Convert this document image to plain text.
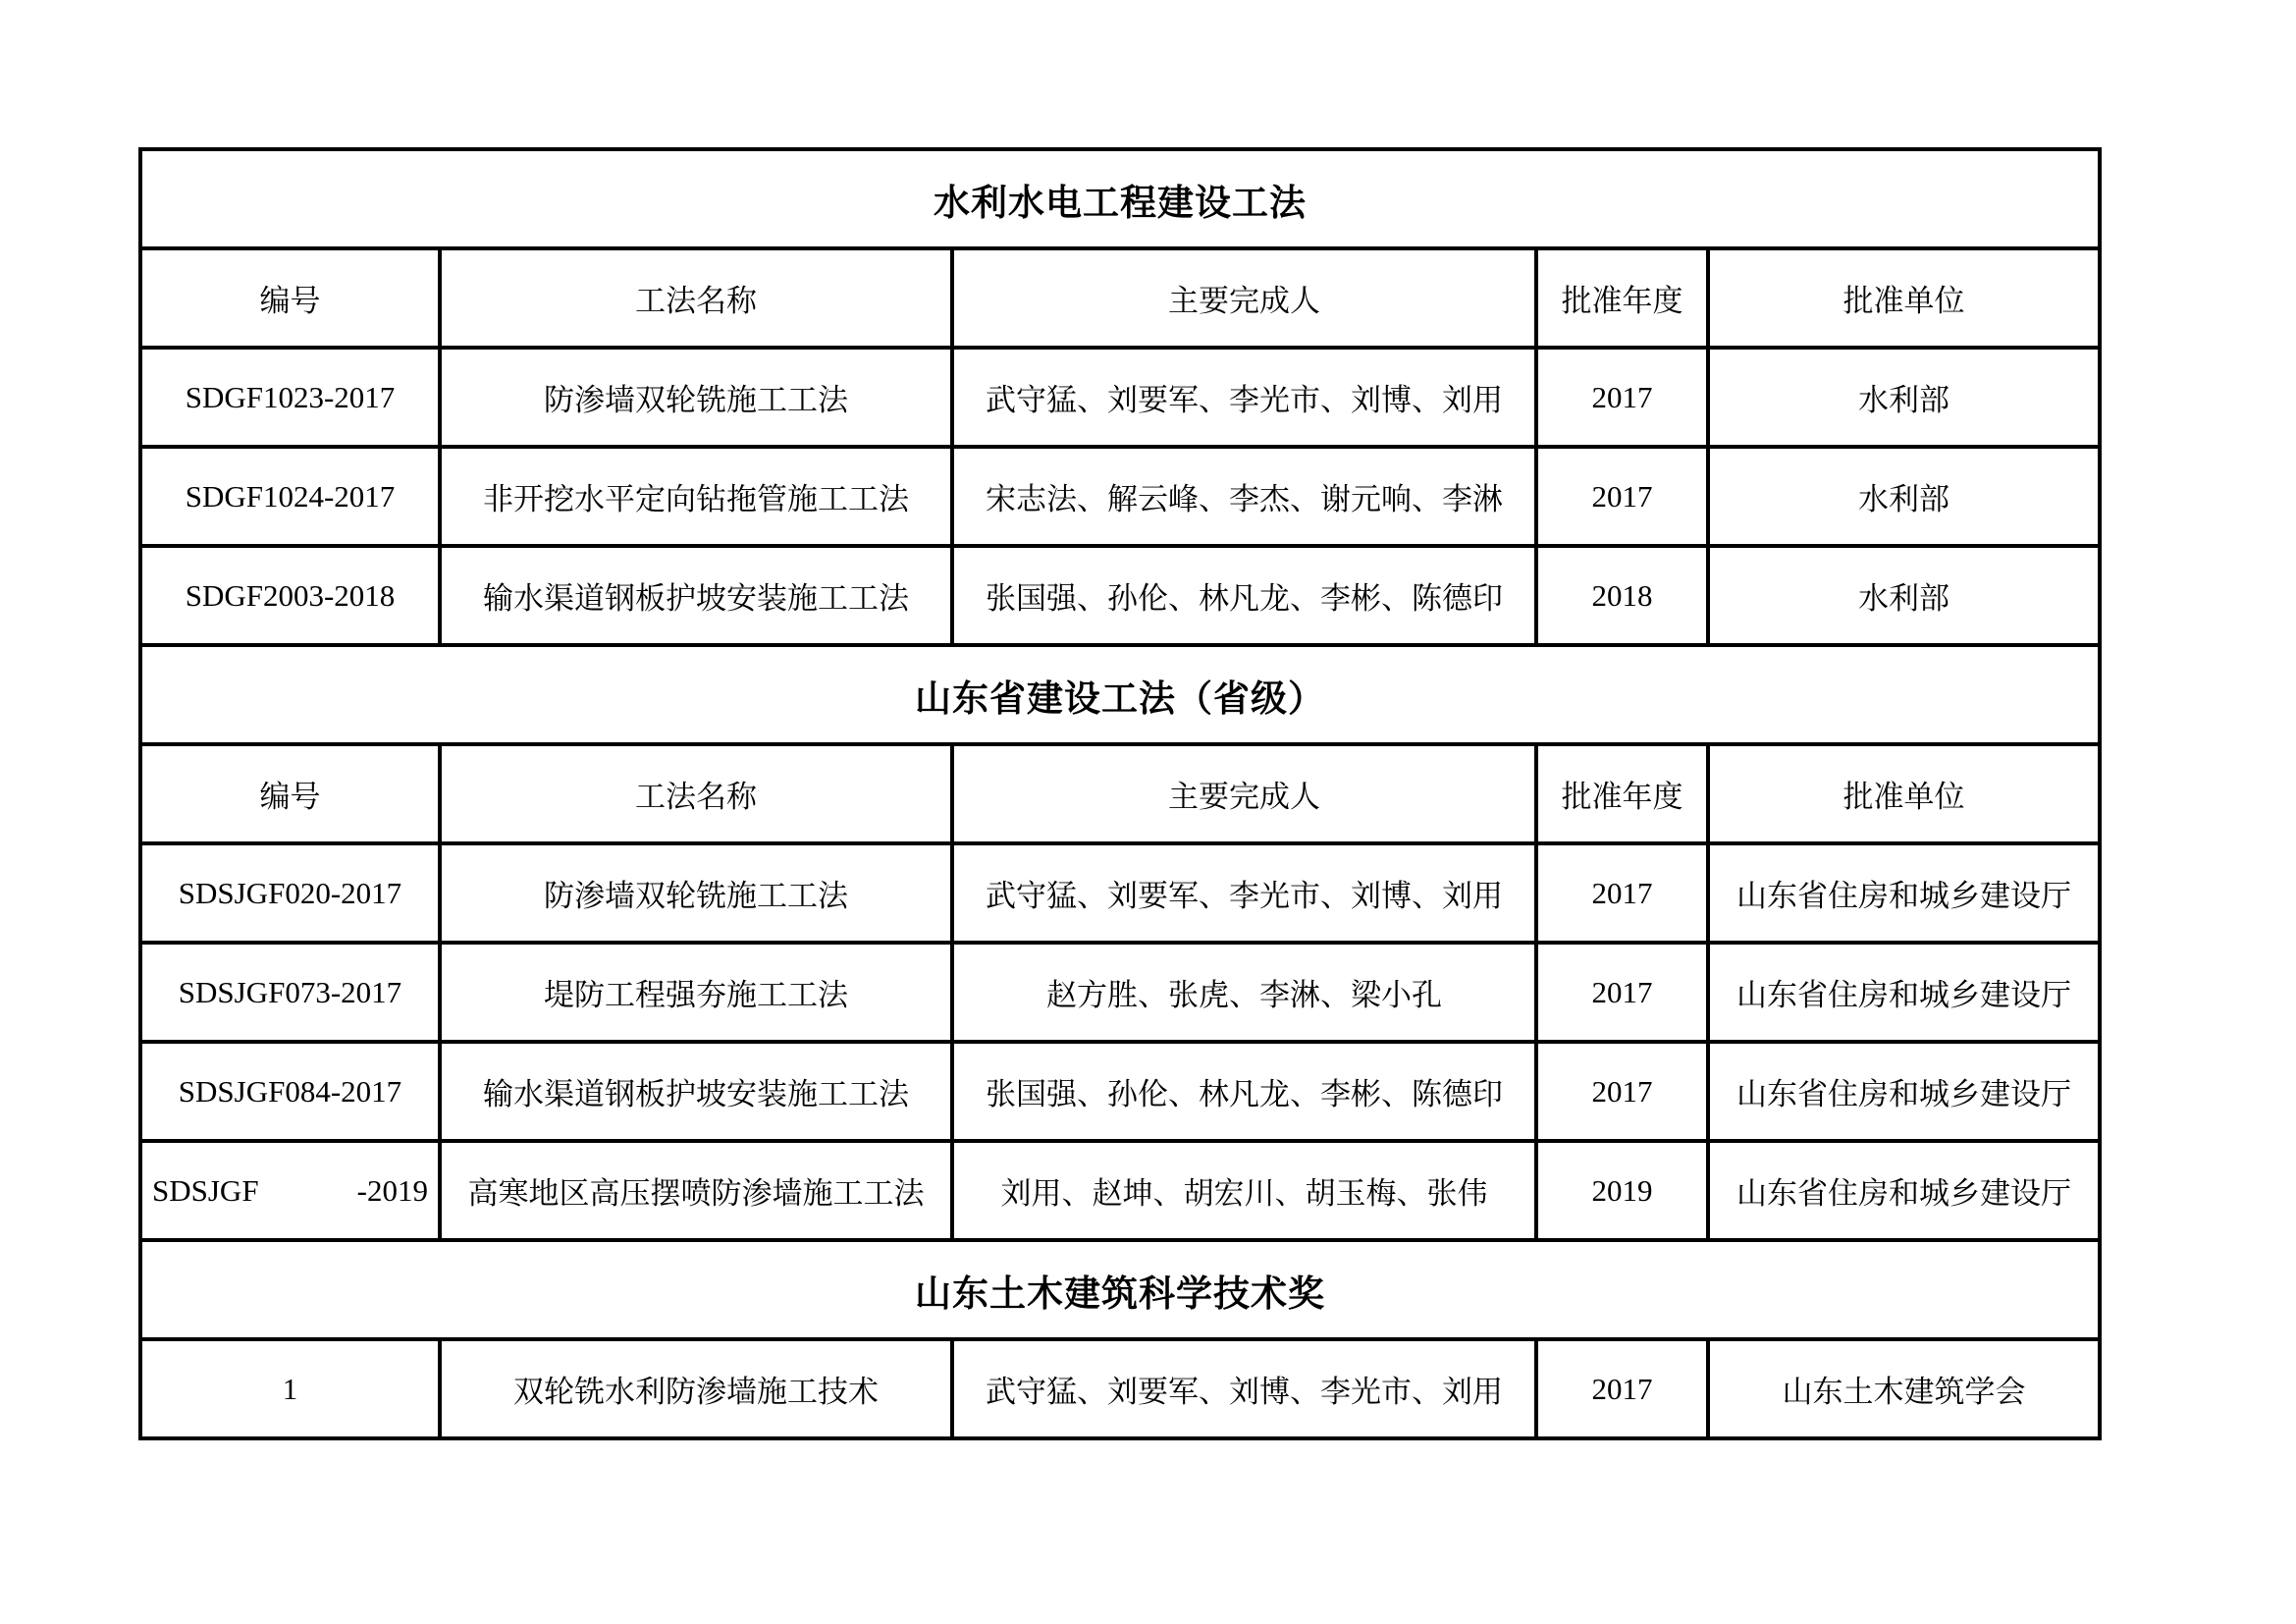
水利水电工程建设工法				
编号	工法名称	主要完成人	批准年度	批准单位
SDGF1023-2017	防渗墙双轮铣施工工法	武守猛、刘要军、李光市、刘博、刘用	2017	水利部
SDGF1024-2017	非开挖水平定向钻拖管施工工法	宋志法、解云峰、李杰、谢元响、李淋	2017	水利部
SDGF2003-2018	输水渠道钢板护坡安装施工工法	张国强、孙伦、林凡龙、李彬、陈德印	2018	水利部
山东省建设工法（省级）				
编号	工法名称	主要完成人	批准年度	批准单位
SDSJGF020-2017	防渗墙双轮铣施工工法	武守猛、刘要军、李光市、刘博、刘用	2017	山东省住房和城乡建设厅
SDSJGF073-2017	堤防工程强夯施工工法	赵方胜、张虎、李淋、梁小孔	2017	山东省住房和城乡建设厅
SDSJGF084-2017	输水渠道钢板护坡安装施工工法	张国强、孙伦、林凡龙、李彬、陈德印	2017	山东省住房和城乡建设厅

SDSJGF -2019	高寒地区高压摆喷防渗墙施工工法	刘用、赵坤、胡宏川、胡玉梅、张伟	2019	山东省住房和城乡建设厅
山东土木建筑科学技术奖				
1	双轮铣水利防渗墙施工技术	武守猛、刘要军、刘博、李光市、刘用	2017	山东土木建筑学会
